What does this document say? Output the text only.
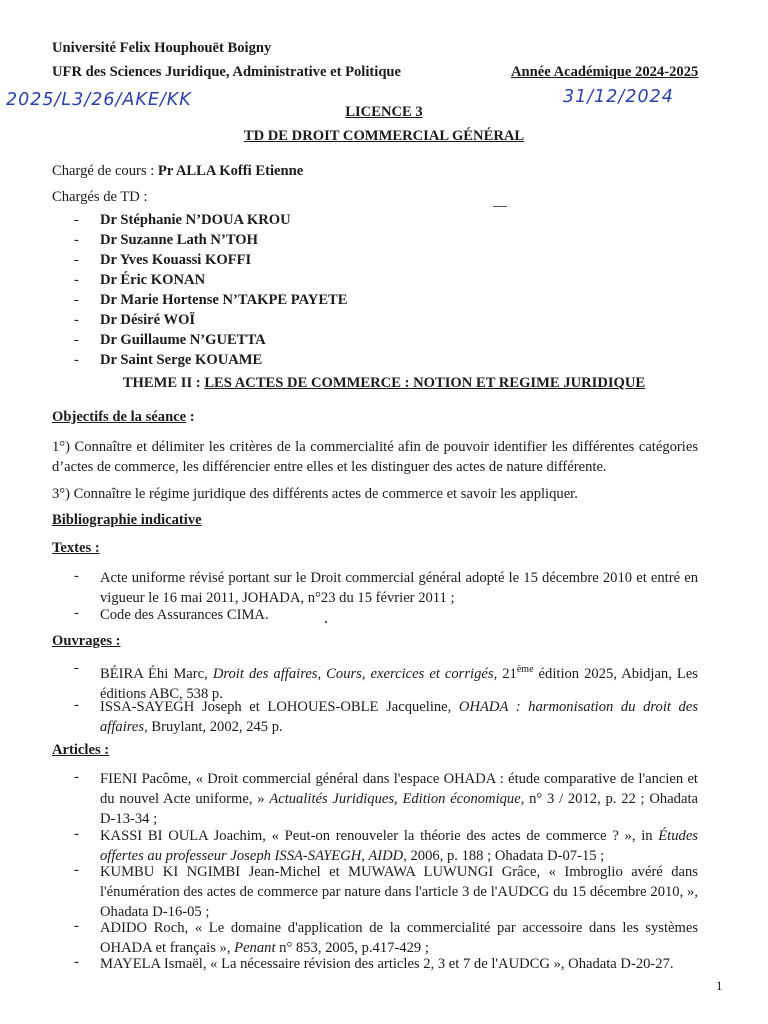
Université Felix Houphouët Boigny
UFR des Sciences Juridique, Administrative et Politique	Année Académique 2024-2025
2025/L3/26/AKE/KK	31/12/2024
LICENCE 3
TD DE DROIT COMMERCIAL GÉNÉRAL
Chargé de cours : Pr ALLA Koffi Etienne
Chargés de TD :
- Dr Stéphanie N’DOUA KROU
- Dr Suzanne Lath N’TOH
- Dr Yves Kouassi KOFFI
- Dr Éric KONAN
- Dr Marie Hortense N’TAKPE PAYETE
- Dr Désiré WOÏ
- Dr Guillaume N’GUETTA
- Dr Saint Serge KOUAME
THEME II : LES ACTES DE COMMERCE : NOTION ET REGIME JURIDIQUE
Objectifs de la séance :
1°) Connaître et délimiter les critères de la commercialité afin de pouvoir identifier les différentes catégories d’actes de commerce, les différencier entre elles et les distinguer des actes de nature différente.
3°) Connaître le régime juridique des différents actes de commerce et savoir les appliquer.
Bibliographie indicative
Textes :
- Acte uniforme révisé portant sur le Droit commercial général adopté le 15 décembre 2010 et entré en vigueur le 16 mai 2011, JOHADA, n°23 du 15 février 2011 ;
- Code des Assurances CIMA.
Ouvrages :
- BÉIRA Éhi Marc, Droit des affaires, Cours, exercices et corrigés, 21ème édition 2025, Abidjan, Les éditions ABC, 538 p.
- ISSA-SAYEGH Joseph et LOHOUES-OBLE Jacqueline, OHADA : harmonisation du droit des affaires, Bruylant, 2002, 245 p.
Articles :
- FIENI Pacôme, « Droit commercial général dans l'espace OHADA : étude comparative de l'ancien et du nouvel Acte uniforme, » Actualités Juridiques, Edition économique, n° 3 / 2012, p. 22 ; Ohadata D-13-34 ;
- KASSI BI OULA Joachim, « Peut-on renouveler la théorie des actes de commerce ? », in Études offertes au professeur Joseph ISSA-SAYEGH, AIDD, 2006, p. 188 ; Ohadata D-07-15 ;
- KUMBU KI NGIMBI Jean-Michel et MUWAWA LUWUNGI Grâce, « Imbroglio avéré dans l'énumération des actes de commerce par nature dans l'article 3 de l'AUDCG du 15 décembre 2010, », Ohadata D-16-05 ;
- ADIDO Roch, « Le domaine d'application de la commercialité par accessoire dans les systèmes OHADA et français », Penant n° 853, 2005, p.417-429 ;
- MAYELA Ismaël, « La nécessaire révision des articles 2, 3 et 7 de l'AUDCG », Ohadata D-20-27.
1
